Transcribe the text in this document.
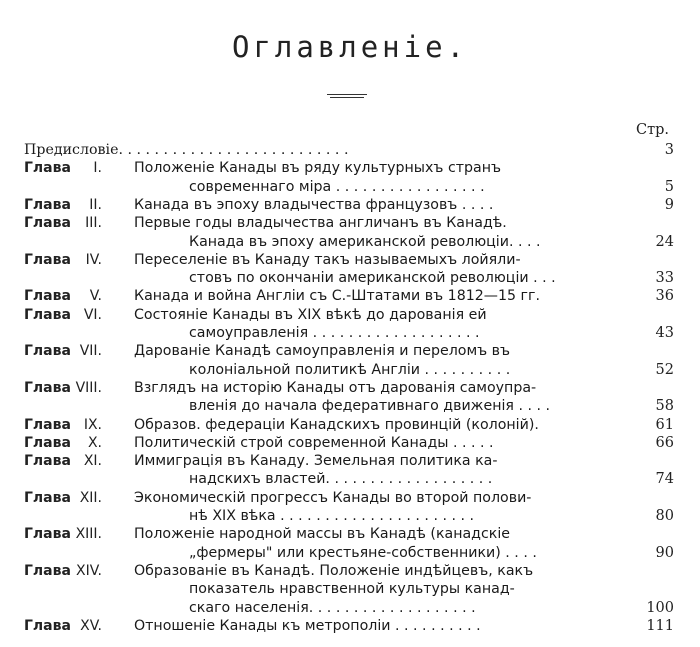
Оглавленiе.
Стр.
Предисловiе. . . . . . . . . . . . . . . . . . . . . . . . . .	3
Глава I. Положенiе Канады въ ряду культурныхъ странъ
современнаго мiра . . . . . . . . . . . . . . . . .	5
Глава II. Канада въ эпоху владычества французовъ . . . .	9
Глава III. Первые годы владычества англичанъ въ Канадѣ.
Канада въ эпоху американской революцiи. . . .	24
Глава IV. Переселенiе въ Канаду такъ называемыхъ лойяли-
стовъ по окончанiи американской революцiи . . .	33
Глава V. Канада и война Англiи съ С.-Штатами въ 1812—15 гг.	36
Глава VI. Состоянiе Канады въ XIX вѣкѣ до дарованiя ей
самоуправленiя . . . . . . . . . . . . . . . . . . .	43
Глава VII. Дарованiе Канадѣ самоуправленiя и переломъ въ
колонiальной политикѣ Англiи . . . . . . . . . .	52
Глава VIII. Взглядъ на исторiю Канады отъ дарованiя самоупра-
вленiя до начала федеративнаго движенiя . . . .	58
Глава IX. Образов. федерацiи Канадскихъ провинцiй (колонiй).	61
Глава X. Политическiй строй современной Канады . . . . .	66
Глава XI. Иммиграцiя въ Канаду. Земельная политика ка-
надскихъ властей. . . . . . . . . . . . . . . . . . .	74
Глава XII. Экономическiй прогрессъ Канады во второй полови-
нѣ XIX вѣка . . . . . . . . . . . . . . . . . . . . . .	80
Глава XIII. Положенiе народной массы въ Канадѣ (канадскiе
„фермеры" или крестьяне-собственники) . . . .	90
Глава XIV. Образованiе въ Канадѣ. Положенiе индѣйцевъ, какъ
показатель нравственной культуры канад-
скаго населенiя. . . . . . . . . . . . . . . . . . .	100
Глава XV. Отношенiе Канады къ метрополiи . . . . . . . . . .	111
